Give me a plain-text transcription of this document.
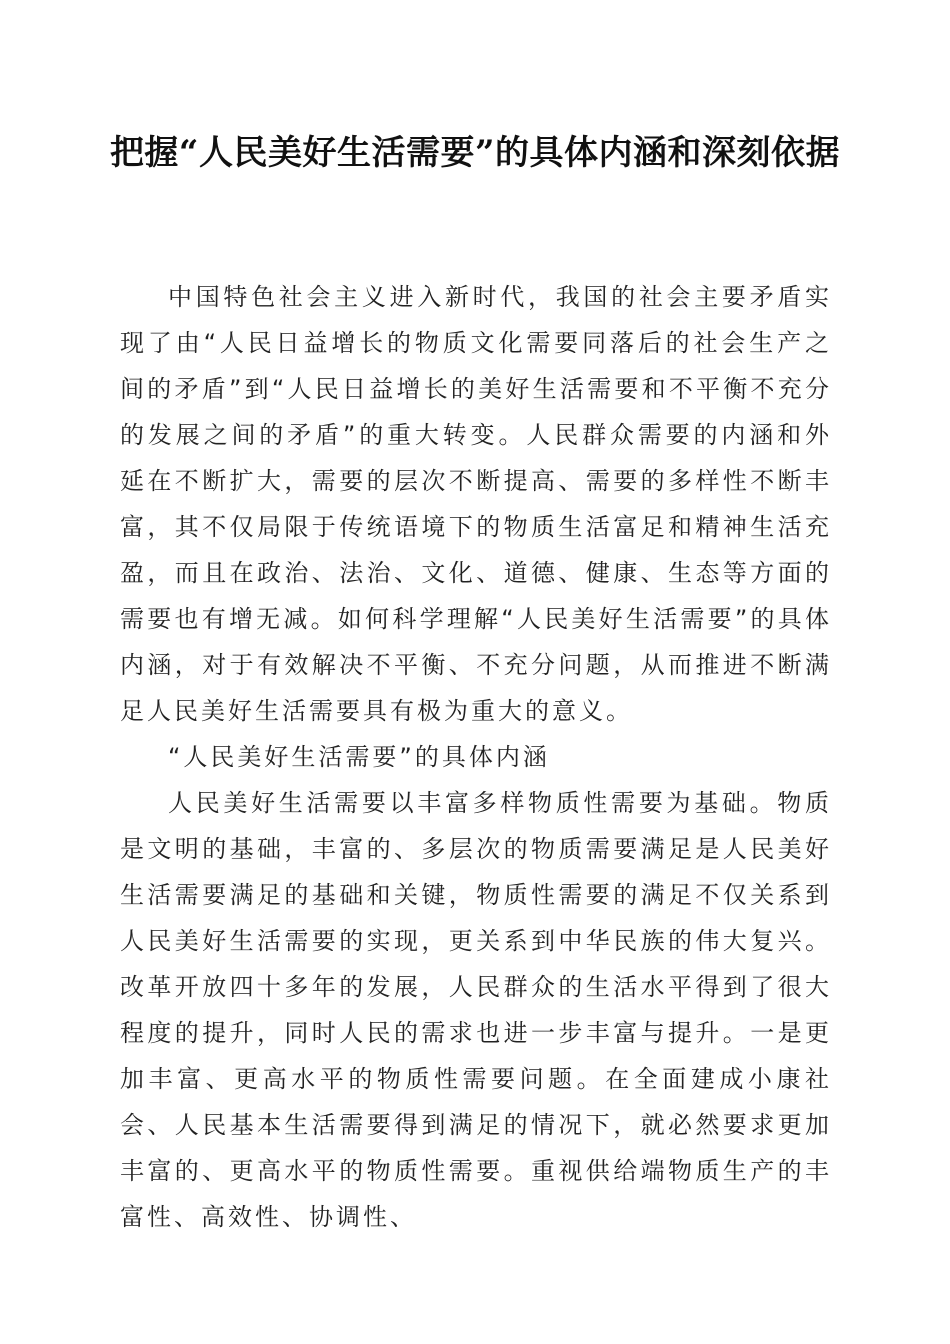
把握“人民美好生活需要”的具体内涵和深刻依据

中国特色社会主义进入新时代，我国的社会主要矛盾实现了由“人民日益增长的物质文化需要同落后的社会生产之间的矛盾”到“人民日益增长的美好生活需要和不平衡不充分的发展之间的矛盾”的重大转变。人民群众需要的内涵和外延在不断扩大，需要的层次不断提高、需要的多样性不断丰富，其不仅局限于传统语境下的物质生活富足和精神生活充盈，而且在政治、法治、文化、道德、健康、生态等方面的需要也有增无减。如何科学理解“人民美好生活需要”的具体内涵，对于有效解决不平衡、不充分问题，从而推进不断满足人民美好生活需要具有极为重大的意义。

“人民美好生活需要”的具体内涵

人民美好生活需要以丰富多样物质性需要为基础。物质是文明的基础，丰富的、多层次的物质需要满足是人民美好生活需要满足的基础和关键，物质性需要的满足不仅关系到人民美好生活需要的实现，更关系到中华民族的伟大复兴。改革开放四十多年的发展，人民群众的生活水平得到了很大程度的提升，同时人民的需求也进一步丰富与提升。一是更加丰富、更高水平的物质性需要问题。在全面建成小康社会、人民基本生活需要得到满足的情况下，就必然要求更加丰富的、更高水平的物质性需要。重视供给端物质生产的丰富性、高效性、协调性、
